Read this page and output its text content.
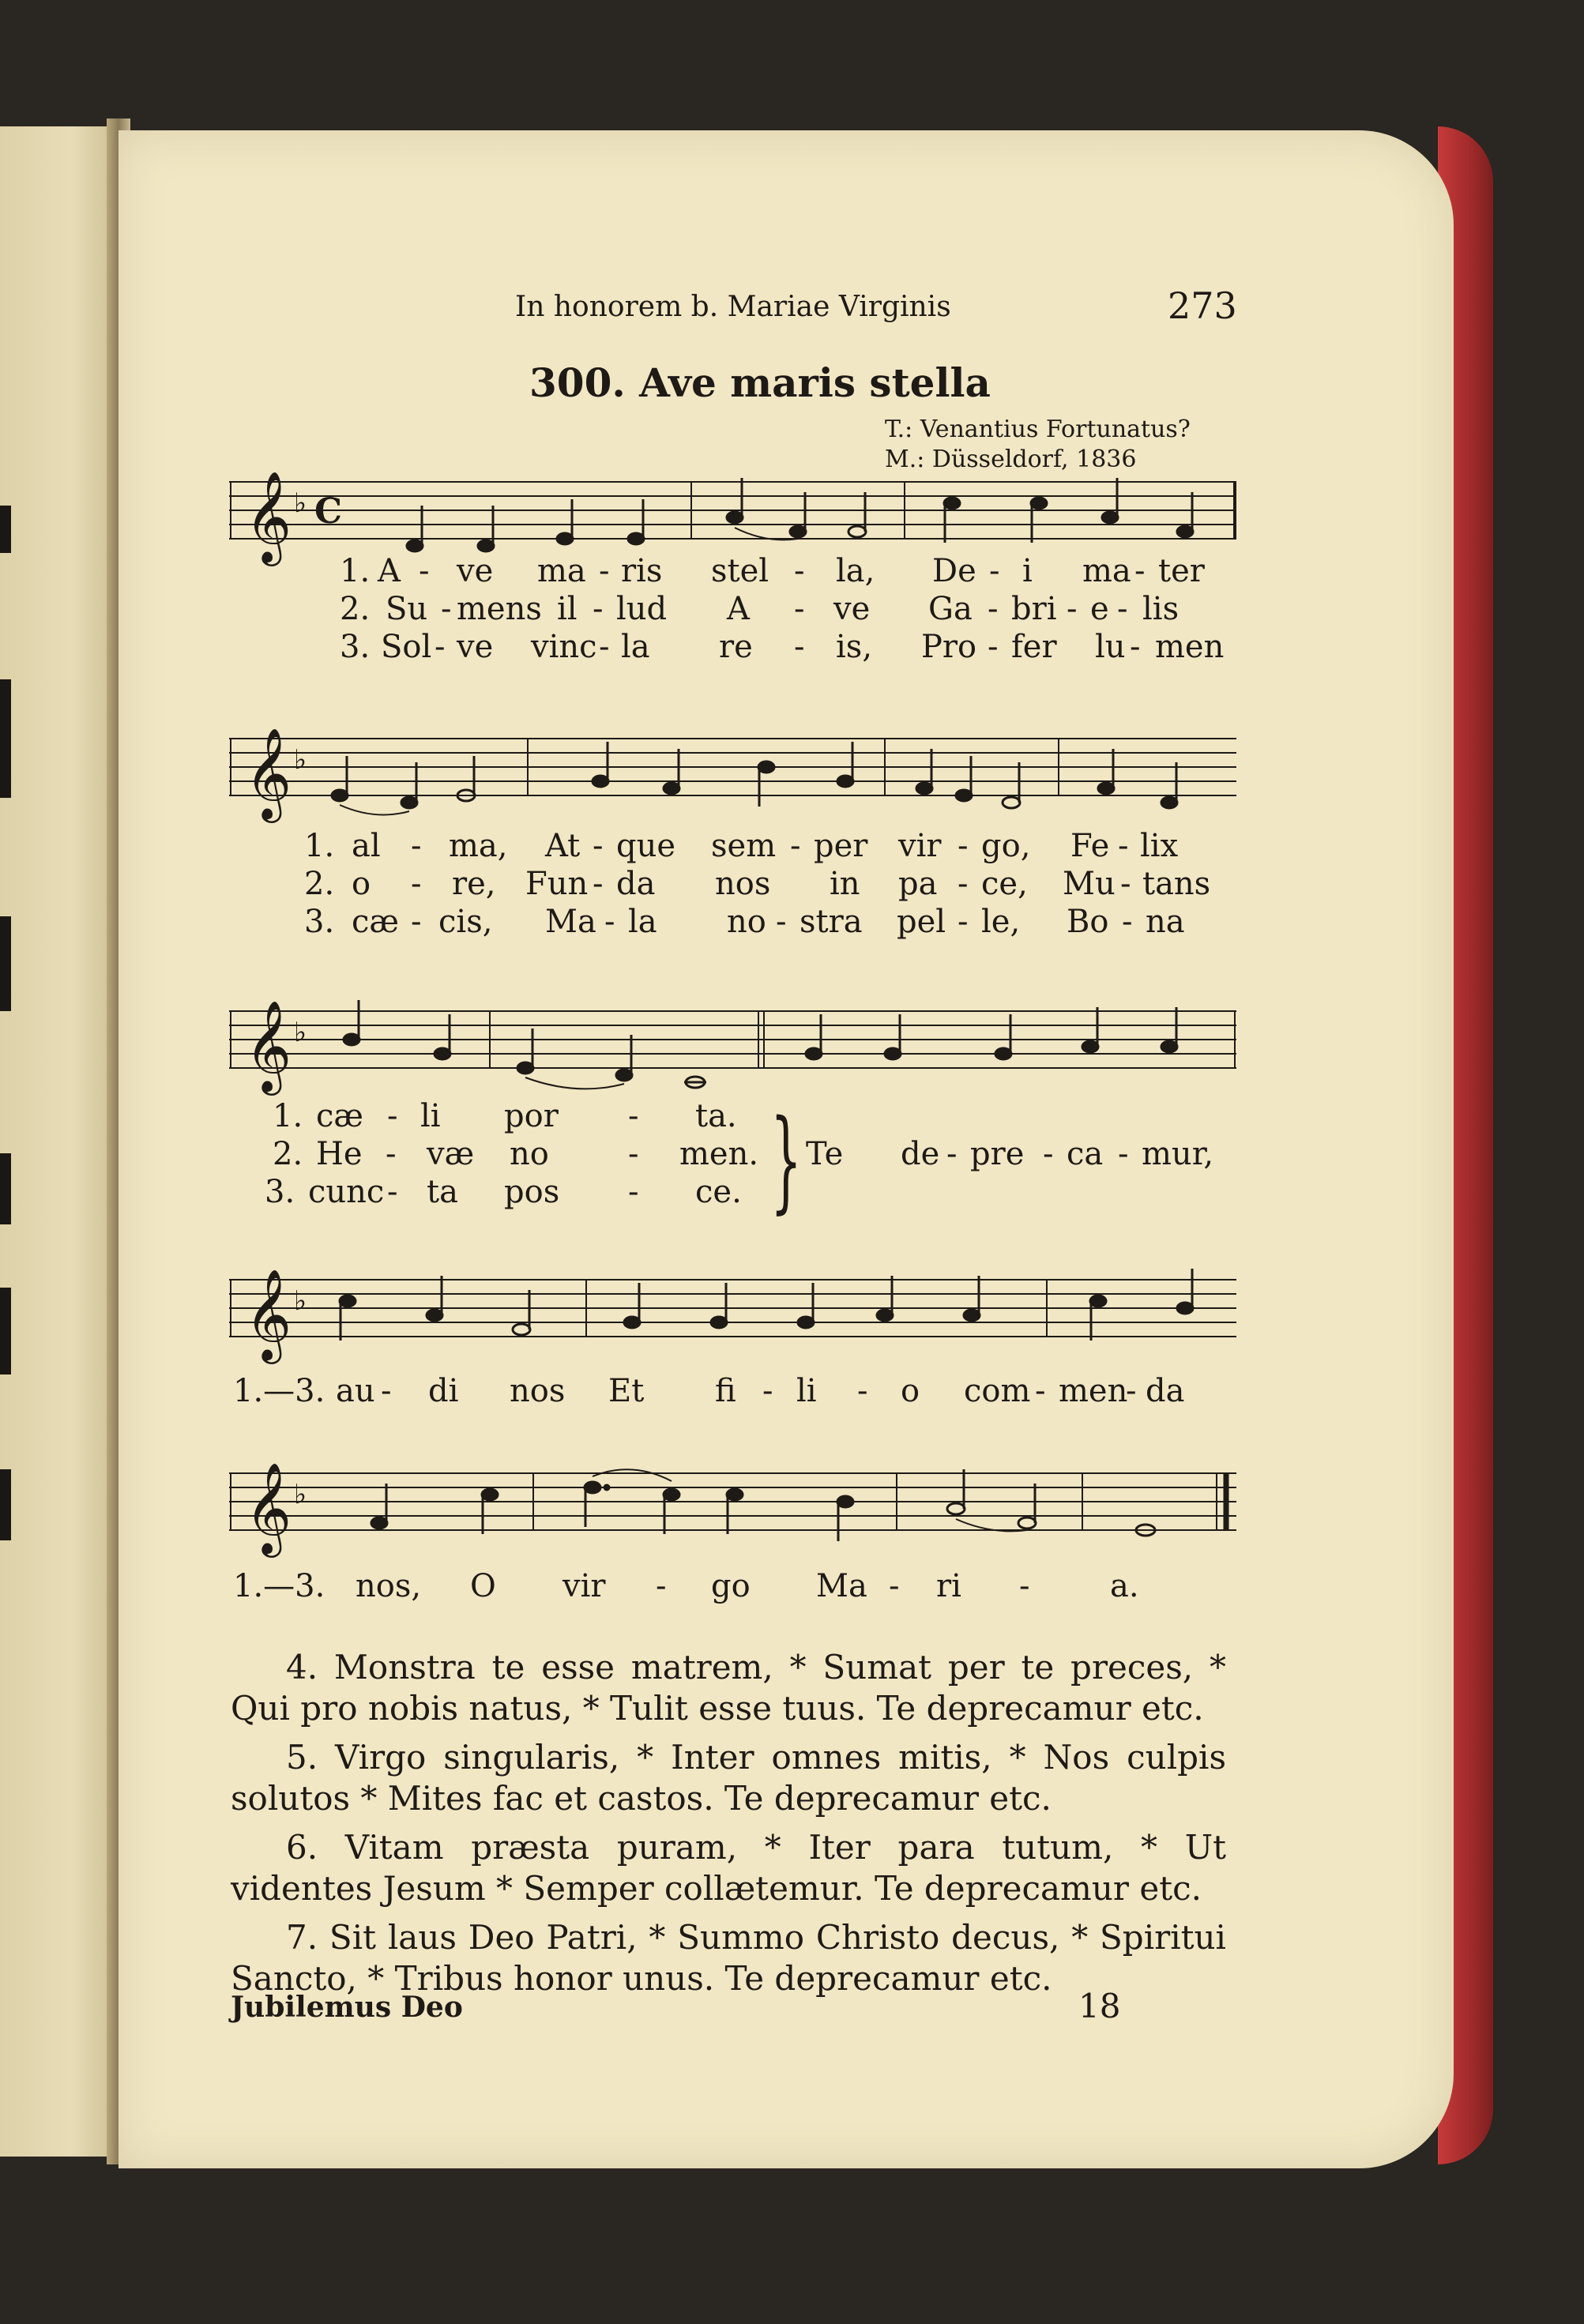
In honorem b. Mariae Virginis	273
300. Ave maris stella
T.: Venantius Fortunatus?
M.: Düsseldorf, 1836
𝄞 ♭ C
1. A - ve ma - ris stel - la, De - i ma - ter
2. Su - mens il - lud A - ve Ga - bri - e - lis
3. Sol - ve vinc - la re - is, Pro - fer lu - men
𝄞 ♭
1. al - ma, At - que sem - per vir - go, Fe - lix
2. o - re, Fun - da nos in pa - ce, Mu - tans
3. cæ - cis, Ma - la no - stra pel - le, Bo - na
𝄞 ♭
1. cæ - li por - ta.
2. He - væ no	- men.
3. cunc - ta pos - ce. } Te de - pre - ca - mur,
𝄞 ♭
1.—3. au - di nos Et fi - li - o com - men
- da
𝄞 ♭
1.—3. nos, O vir - go Ma - ri -	a.

4. Monstra te esse matrem, * Sumat per te preces, * Qui pro nobis natus, * Tulit esse tuus. Te deprecamur etc.

5. Virgo singularis, * Inter omnes mitis, * Nos culpis solutos * Mites fac et castos. Te deprecamur etc.

6. Vitam præsta puram, * Iter para tutum, * Ut videntes Jesum * Semper collætemur. Te deprecamur etc.

7. Sit laus Deo Patri, * Summo Christo decus, * Spiritui Sancto, * Tribus honor unus. Te deprecamur etc.

Jubilemus Deo	18
